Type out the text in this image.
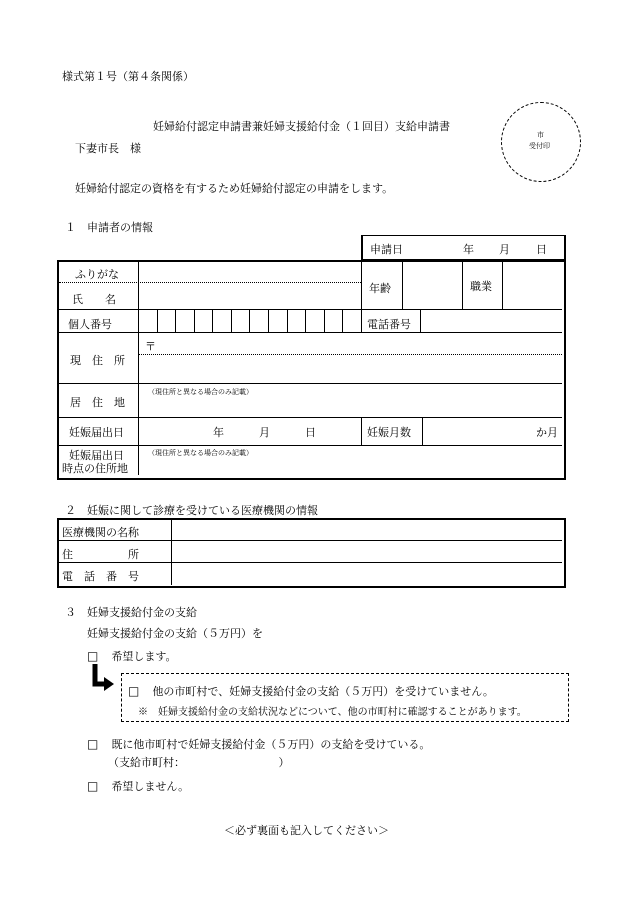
様式第１号（第４条関係）
妊婦給付認定申請書兼妊婦支援給付金（１回目）支給申請書
下妻市長　様
市
受付印
妊婦給付認定の資格を有するため妊婦給付認定の申請をします。
１　申請者の情報
申請日	年 月 日
ふりがな
氏　　名
年齢	職業
個人番号	電話番号
現　住　所
〒
居　住　地
（現住所と異なる場合のみ記載）
妊娠届出日	年	月	日	妊娠月数	か月
妊娠届出日
時点の住所地
（現住所と異なる場合のみ記載）
２　妊娠に関して診療を受けている医療機関の情報
医療機関の名称
住　　　　　所
電　話　番　号
３　妊婦支援給付金の支給
妊婦支援給付金の支給（５万円）を
□ 希望します。
□ 他の市町村で、妊婦支援給付金の支給（５万円）を受けていません。
※　妊婦支援給付金の支給状況などについて、他の市町村に確認することがあります。
□ 既に他市町村で妊婦支援給付金（５万円）の支給を受けている。
（支給市町村：　　　　　　　　　）
□ 希望しません。
＜必ず裏面も記入してください＞
